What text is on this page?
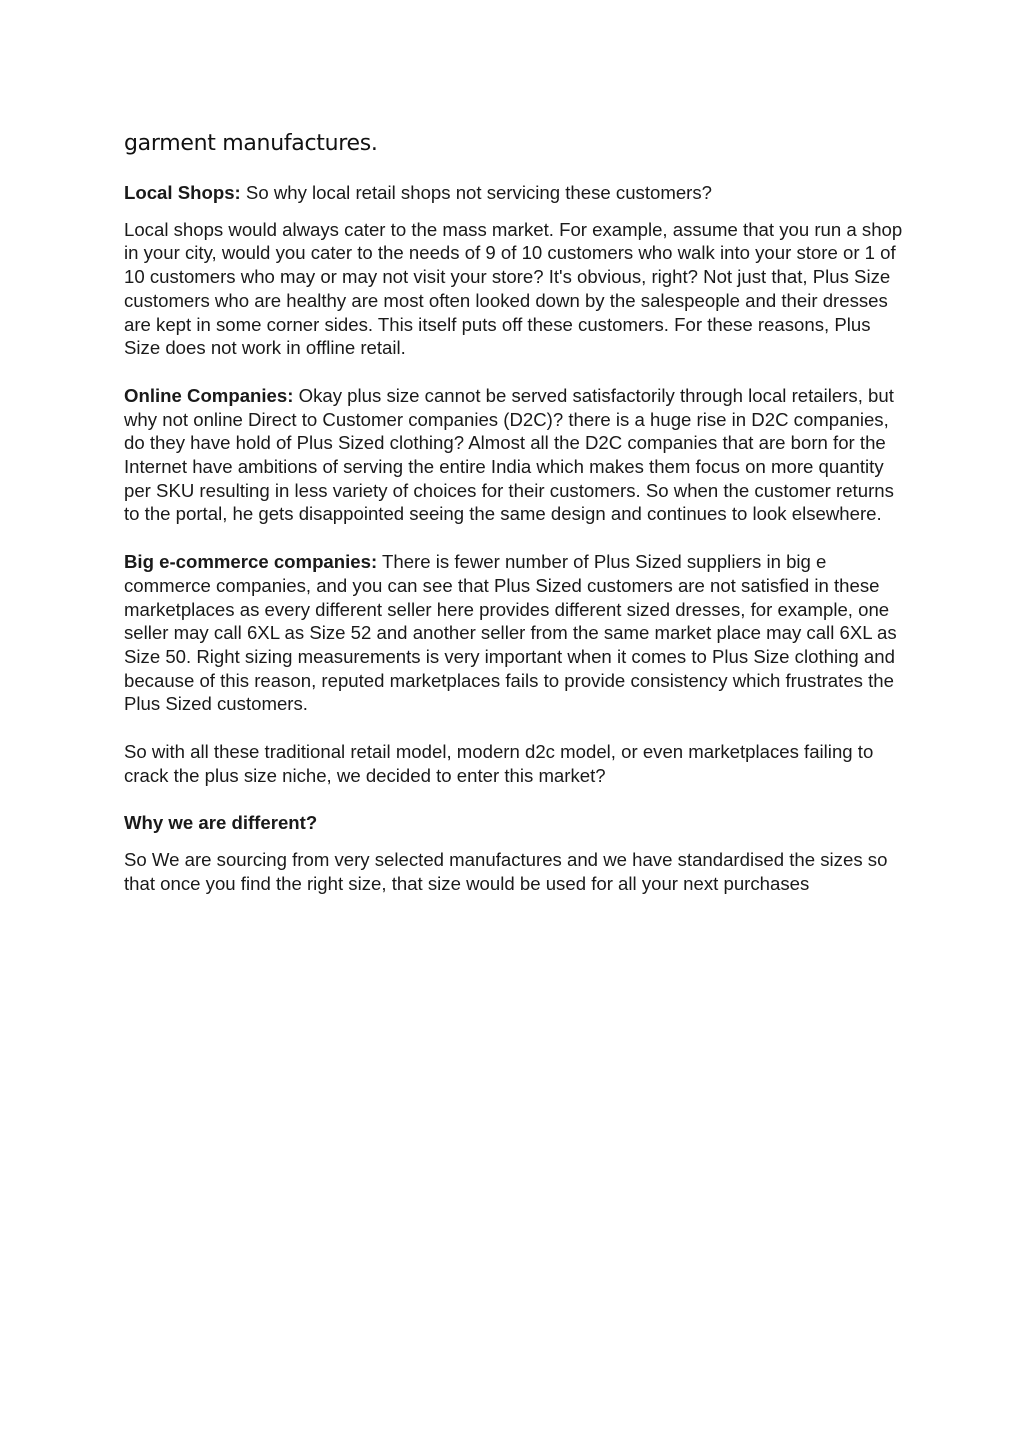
garment manufactures.

Local Shops: So why local retail shops not servicing these customers?

Local shops would always cater to the mass market. For example, assume that you run a shop in your city, would you cater to the needs of 9 of 10 customers who walk into your store or 1 of 10 customers who may or may not visit your store? It's obvious, right? Not just that, Plus Size customers who are healthy are most often looked down by the salespeople and their dresses are kept in some corner sides. This itself puts off these customers. For these reasons, Plus Size does not work in offline retail.

Online Companies: Okay plus size cannot be served satisfactorily through local retailers, but why not online Direct to Customer companies (D2C)? there is a huge rise in D2C companies, do they have hold of Plus Sized clothing? Almost all the D2C companies that are born for the Internet have ambitions of serving the entire India which makes them focus on more quantity per SKU resulting in less variety of choices for their customers. So when the customer returns to the portal, he gets disappointed seeing the same design and continues to look elsewhere.

Big e-commerce companies: There is fewer number of Plus Sized suppliers in big e commerce companies, and you can see that Plus Sized customers are not satisfied in these marketplaces as every different seller here provides different sized dresses, for example, one seller may call 6XL as Size 52 and another seller from the same market place may call 6XL as Size 50. Right sizing measurements is very important when it comes to Plus Size clothing and because of this reason, reputed marketplaces fails to provide consistency which frustrates the Plus Sized customers.

So with all these traditional retail model, modern d2c model, or even marketplaces failing to crack the plus size niche, we decided to enter this market?

Why we are different?

So We are sourcing from very selected manufactures and we have standardised the sizes so that once you find the right size, that size would be used for all your next purchases
